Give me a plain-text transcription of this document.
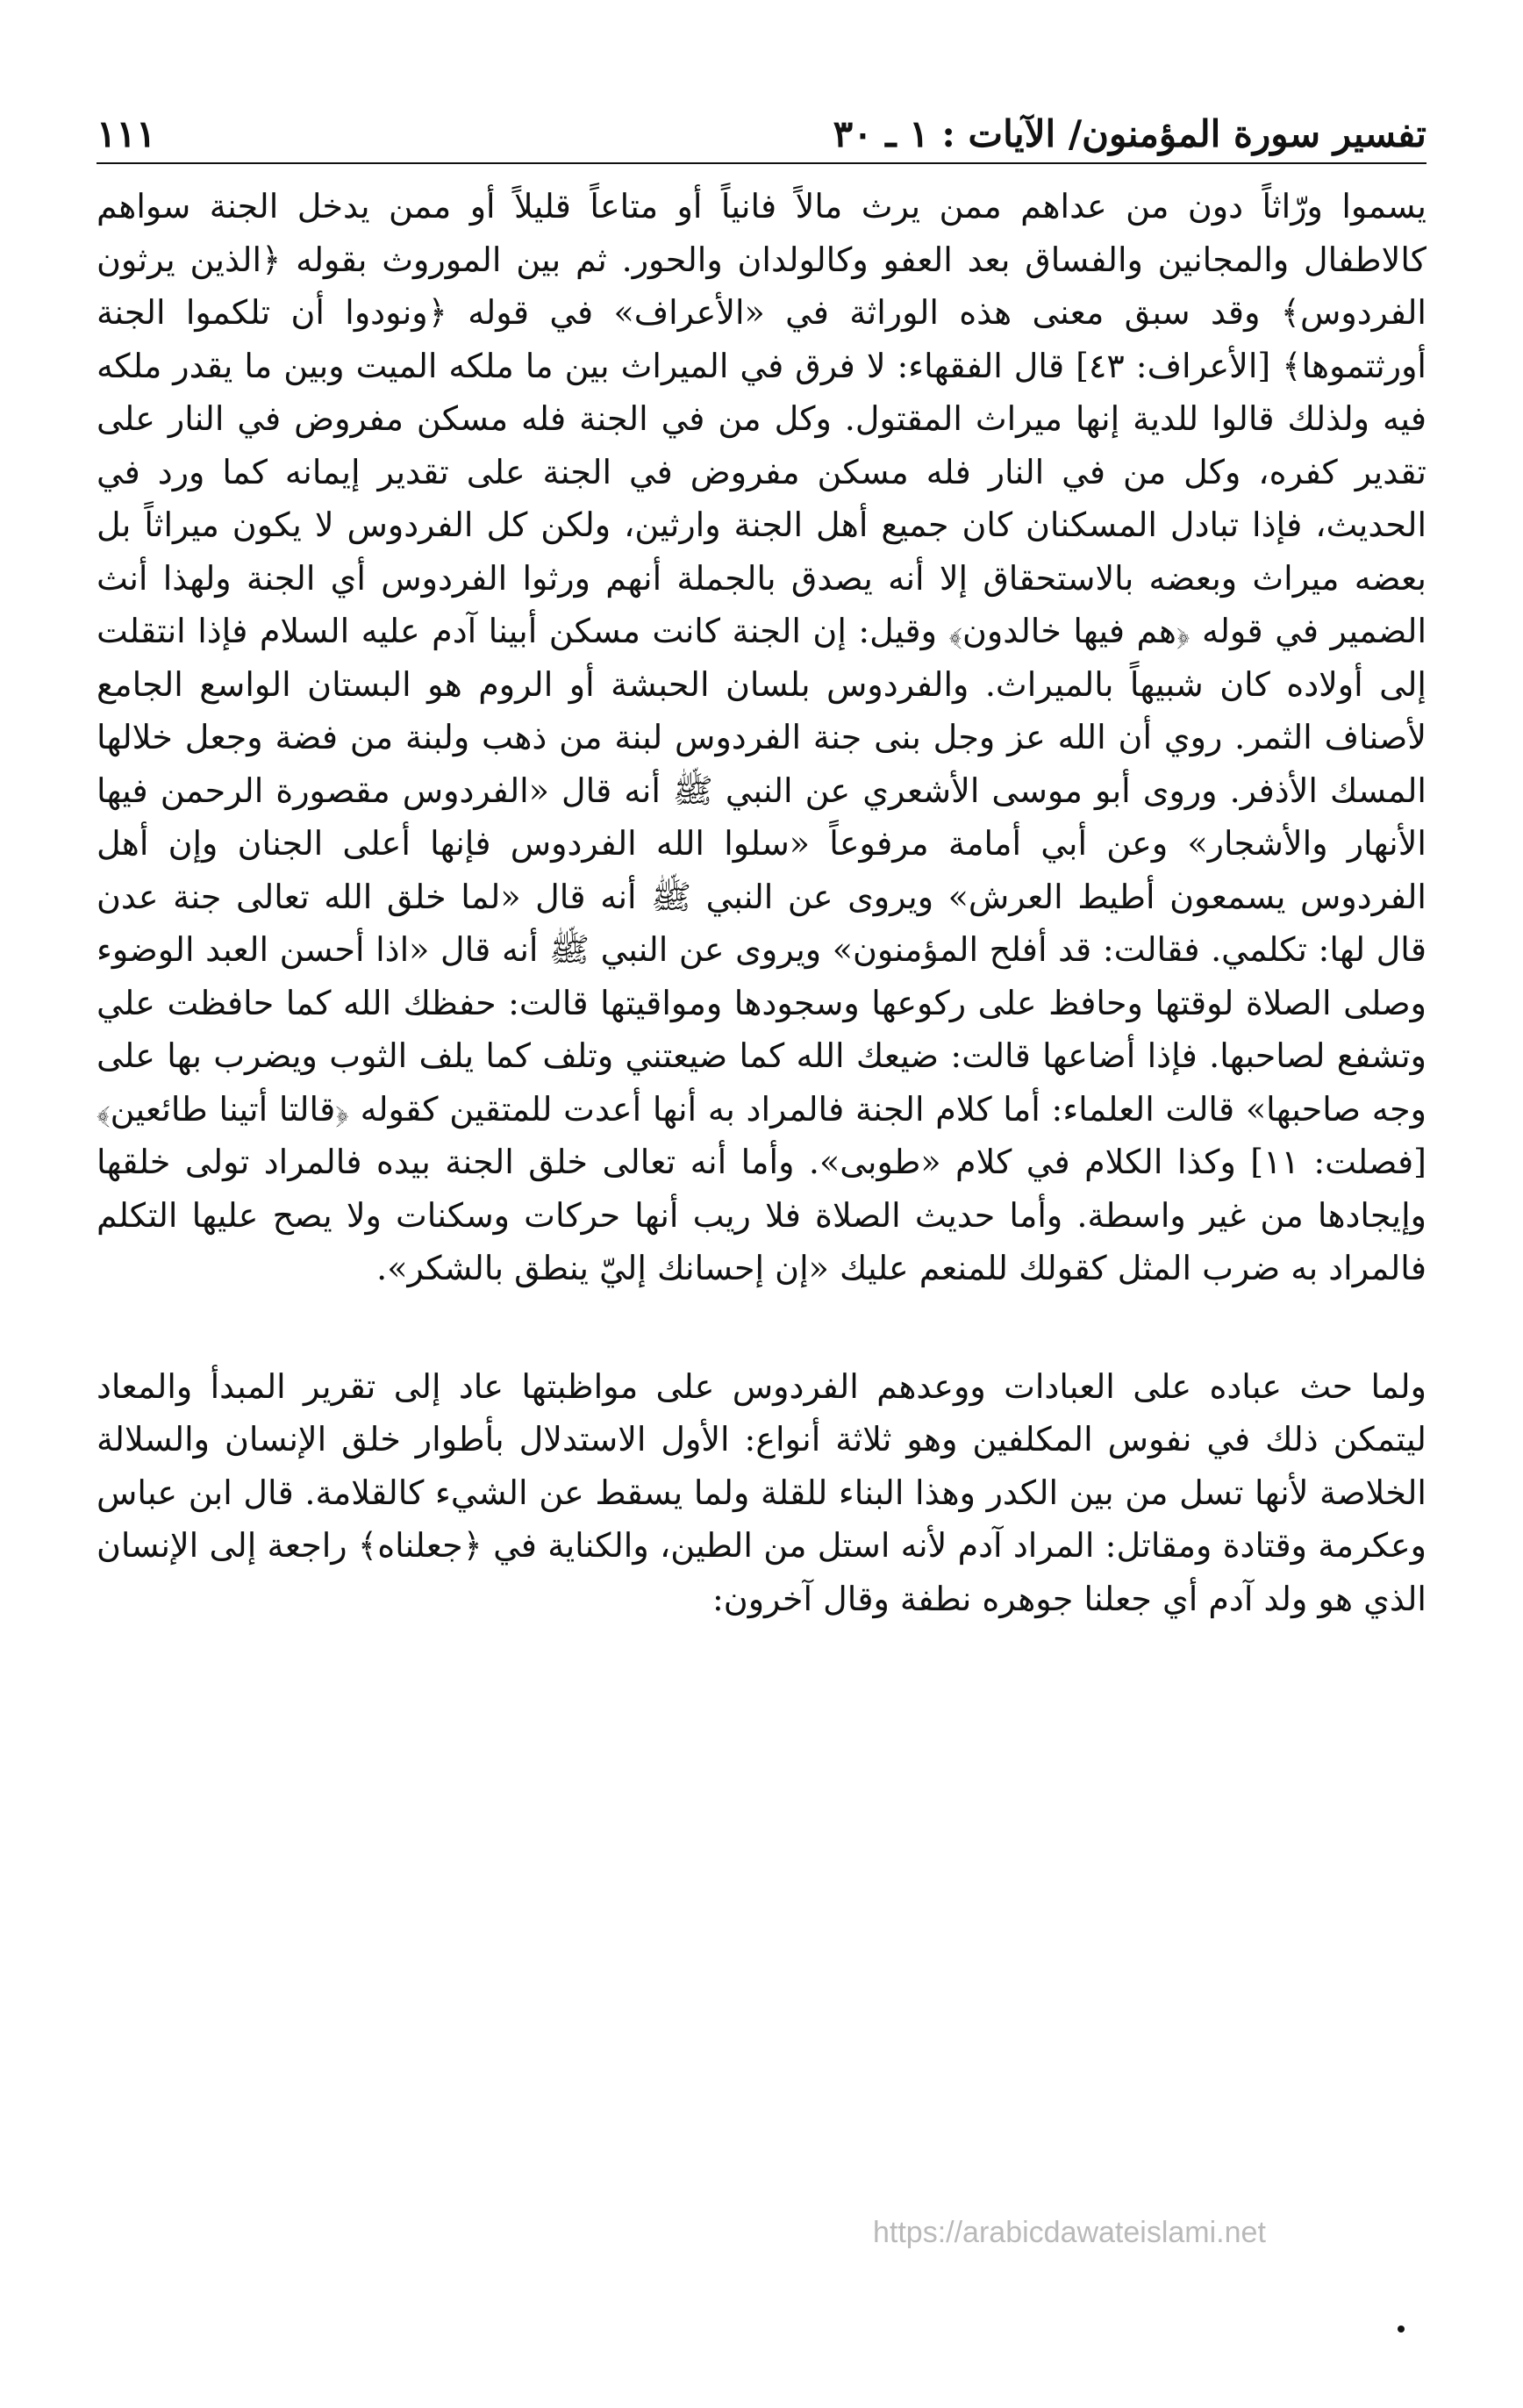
تفسير سورة المؤمنون/ الآيات : ١ ـ ٣٠
١١١

يسموا ورّاثاً دون من عداهم ممن يرث مالاً فانياً أو متاعاً قليلاً أو ممن يدخل الجنة سواهم كالاطفال والمجانين والفساق بعد العفو وكالولدان والحور. ثم بين الموروث بقوله ﴿الذين يرثون الفردوس﴾ وقد سبق معنى هذه الوراثة في «الأعراف» في قوله ﴿ونودوا أن تلكموا الجنة أورثتموها﴾ [الأعراف: ٤٣] قال الفقهاء: لا فرق في الميراث بين ما ملكه الميت وبين ما يقدر ملكه فيه ولذلك قالوا للدية إنها ميراث المقتول. وكل من في الجنة فله مسكن مفروض في النار على تقدير كفره، وكل من في النار فله مسكن مفروض في الجنة على تقدير إيمانه كما ورد في الحديث، فإذا تبادل المسكنان كان جميع أهل الجنة وارثين، ولكن كل الفردوس لا يكون ميراثاً بل بعضه ميراث وبعضه بالاستحقاق إلا أنه يصدق بالجملة أنهم ورثوا الفردوس أي الجنة ولهذا أنث الضمير في قوله ﴿هم فيها خالدون﴾ وقيل: إن الجنة كانت مسكن أبينا آدم عليه السلام فإذا انتقلت إلى أولاده كان شبيهاً بالميراث. والفردوس بلسان الحبشة أو الروم هو البستان الواسع الجامع لأصناف الثمر. روي أن الله عز وجل بنى جنة الفردوس لبنة من ذهب ولبنة من فضة وجعل خلالها المسك الأذفر. وروى أبو موسى الأشعري عن النبي ﷺ أنه قال «الفردوس مقصورة الرحمن فيها الأنهار والأشجار» وعن أبي أمامة مرفوعاً «سلوا الله الفردوس فإنها أعلى الجنان وإن أهل الفردوس يسمعون أطيط العرش» ويروى عن النبي ﷺ أنه قال «لما خلق الله تعالى جنة عدن قال لها: تكلمي. فقالت: قد أفلح المؤمنون» ويروى عن النبي ﷺ أنه قال «اذا أحسن العبد الوضوء وصلى الصلاة لوقتها وحافظ على ركوعها وسجودها ومواقيتها قالت: حفظك الله كما حافظت علي وتشفع لصاحبها. فإذا أضاعها قالت: ضيعك الله كما ضيعتني وتلف كما يلف الثوب ويضرب بها على وجه صاحبها» قالت العلماء: أما كلام الجنة فالمراد به أنها أعدت للمتقين كقوله ﴿قالتا أتينا طائعين﴾ [فصلت: ١١] وكذا الكلام في كلام «طوبى». وأما أنه تعالى خلق الجنة بيده فالمراد تولى خلقها وإيجادها من غير واسطة. وأما حديث الصلاة فلا ريب أنها حركات وسكنات ولا يصح عليها التكلم فالمراد به ضرب المثل كقولك للمنعم عليك «إن إحسانك إليّ ينطق بالشكر».

ولما حث عباده على العبادات ووعدهم الفردوس على مواظبتها عاد إلى تقرير المبدأ والمعاد ليتمكن ذلك في نفوس المكلفين وهو ثلاثة أنواع: الأول الاستدلال بأطوار خلق الإنسان والسلالة الخلاصة لأنها تسل من بين الكدر وهذا البناء للقلة ولما يسقط عن الشيء كالقلامة. قال ابن عباس وعكرمة وقتادة ومقاتل: المراد آدم لأنه استل من الطين، والكناية في ﴿جعلناه﴾ راجعة إلى الإنسان الذي هو ولد آدم أي جعلنا جوهره نطفة وقال آخرون:

https://arabicdawateislami.net
